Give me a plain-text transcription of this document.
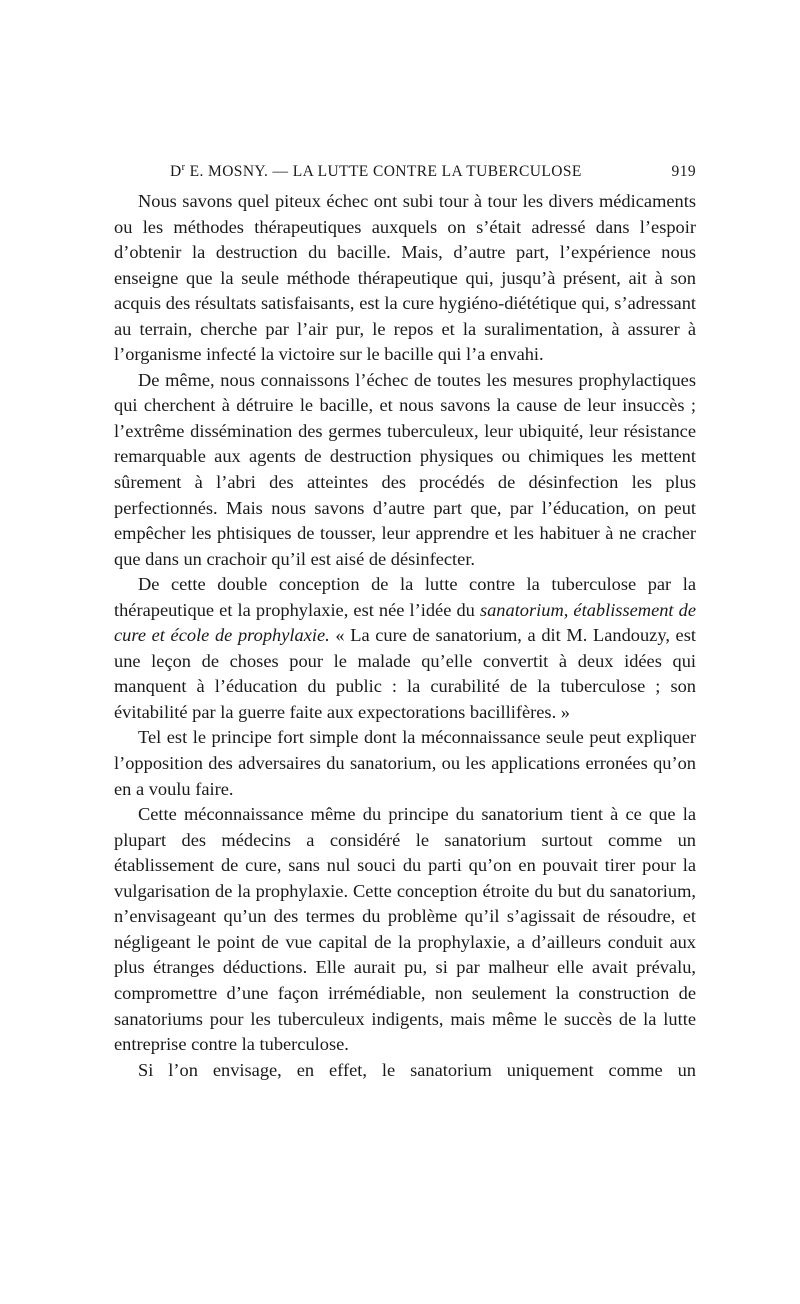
$D^r$ E. MOSNY. — LA LUTTE CONTRE LA TUBERCULOSE	919

Nous savons quel piteux échec ont subi tour à tour les divers médicaments ou les méthodes thérapeutiques auxquels on s’était adressé dans l’espoir d’obtenir la destruction du bacille. Mais, d’autre part, l’expérience nous enseigne que la seule méthode thérapeutique qui, jusqu’à présent, ait à son acquis des résultats satisfaisants, est la cure hygiéno-diététique qui, s’adressant au terrain, cherche par l’air pur, le repos et la suralimentation, à assurer à l’organisme infecté la victoire sur le bacille qui l’a envahi.

De même, nous connaissons l’échec de toutes les mesures prophylactiques qui cherchent à détruire le bacille, et nous savons la cause de leur insuccès ; l’extrême dissémination des germes tuberculeux, leur ubiquité, leur résistance remarquable aux agents de destruction physiques ou chimiques les mettent sûrement à l’abri des atteintes des procédés de désinfection les plus perfectionnés. Mais nous savons d’autre part que, par l’éducation, on peut empêcher les phtisiques de tousser, leur apprendre et les habituer à ne cracher que dans un crachoir qu’il est aisé de désinfecter.

De cette double conception de la lutte contre la tuberculose par la thérapeutique et la prophylaxie, est née l’idée du sanatorium, établissement de cure et école de prophylaxie. « La cure de sanatorium, a dit M. Landouzy, est une leçon de choses pour le malade qu’elle convertit à deux idées qui manquent à l’éducation du public : la curabilité de la tuberculose ; son évitabilité par la guerre faite aux expectorations bacillifères. »

Tel est le principe fort simple dont la méconnaissance seule peut expliquer l’opposition des adversaires du sanatorium, ou les applications erronées qu’on en a voulu faire.

Cette méconnaissance même du principe du sanatorium tient à ce que la plupart des médecins a considéré le sanatorium surtout comme un établissement de cure, sans nul souci du parti qu’on en pouvait tirer pour la vulgarisation de la prophylaxie. Cette conception étroite du but du sanatorium, n’envisageant qu’un des termes du problème qu’il s’agissait de résoudre, et négligeant le point de vue capital de la prophylaxie, a d’ailleurs conduit aux plus étranges déductions. Elle aurait pu, si par malheur elle avait prévalu, compromettre d’une façon irrémédiable, non seulement la construction de sanatoriums pour les tuberculeux indigents, mais même le succès de la lutte entreprise contre la tuberculose.

Si l’on envisage, en effet, le sanatorium uniquement comme un
